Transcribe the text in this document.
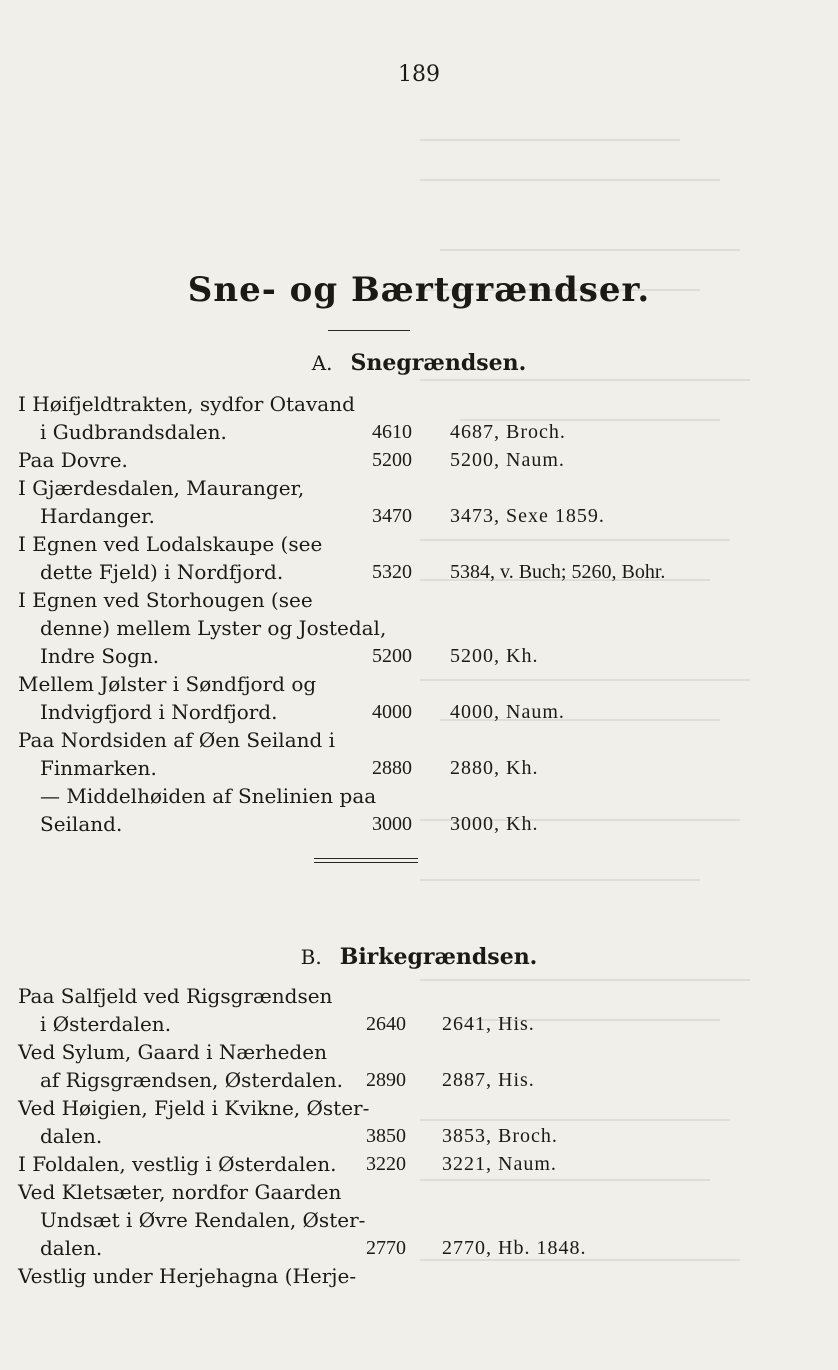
189
Sne- og Bærtgrændser.
A. Snegrændsen.
I Høifjeldtrakten, sydfor Otavand
i Gudbrandsdalen.	4610 4687, Broch.
Paa Dovre.	5200 5200, Naum.
I Gjærdesdalen, Mauranger,
Hardanger.	3470 3473, Sexe 1859.
I Egnen ved Lodalskaupe (see
dette Fjeld) i Nordfjord.	5320 5384, v. Buch; 5260, Bohr.
I Egnen ved Storhougen (see
denne) mellem Lyster og Jostedal,
Indre Sogn.	5200 5200, Kh.
Mellem Jølster i Søndfjord og
Indvigfjord i Nordfjord.	4000 4000, Naum.
Paa Nordsiden af Øen Seiland i
Finmarken.	2880 2880, Kh.
— Middelhøiden af Snelinien paa
Seiland.	3000 3000, Kh.
B. Birkegrændsen.
Paa Salfjeld ved Rigsgrændsen
i Østerdalen.	2640 2641, His.
Ved Sylum, Gaard i Nærheden
af Rigsgrændsen, Østerdalen. 2890 2887, His.
Ved Høigien, Fjeld i Kvikne, Øster-
dalen.	3850 3853, Broch.
I Foldalen, vestlig i Østerdalen. 3220 3221, Naum.
Ved Kletsæter, nordfor Gaarden
Undsæt i Øvre Rendalen, Øster-
dalen.	2770 2770, Hb. 1848.
Vestlig under Herjehagna (Herje-
